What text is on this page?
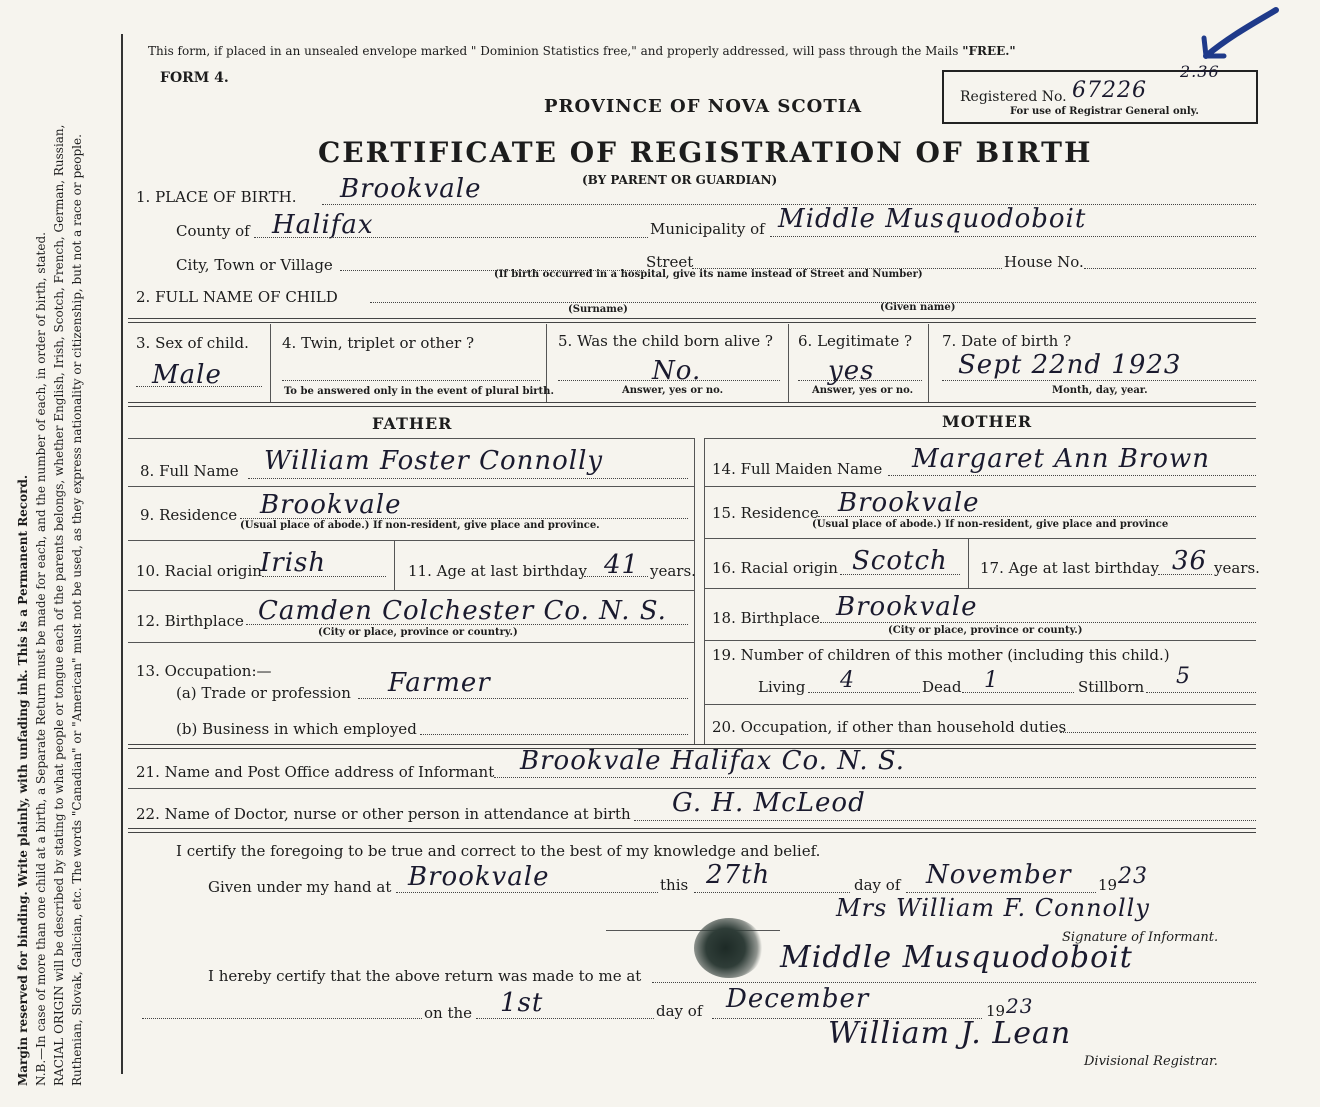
Margin reserved for binding. Write plainly, with unfading ink. This is a Permanent Record. N.B.—In case of more than one child at a birth, a Separate Return must be made for each, and the number of each, in order of birth, stated. RACIAL ORIGIN will be described by stating to what people or tongue each of the parents belongs, whether English, Irish, Scotch, French, German, Russian, Ruthenian, Slovak, Galician, etc. The words "Canadian" or "American" must not be used, as they express nationality or citizenship, but not a race or people.
This form, if placed in an unsealed envelope marked " Dominion Statistics free," and properly addressed, will pass through the Mails "FREE."
FORM 4.
PROVINCE OF NOVA SCOTIA
CERTIFICATE OF REGISTRATION OF BIRTH
(BY PARENT OR GUARDIAN)
Registered No. 67226
2.36
For use of Registrar General only.
1. PLACE OF BIRTH. Brookvale
County of Halifax	Municipality of Middle Musquodoboit
City, Town or Village	Street	House No.
(If birth occurred in a hospital, give its name instead of Street and Number)
2. FULL NAME OF CHILD
(Surname)	(Given name)
3. Sex of child.
Male
4. Twin, triplet or other ?
To be answered only in the event of plural birth.
5. Was the child born alive ?
No.
Answer, yes or no.
6. Legitimate ?
yes
Answer, yes or no.
7. Date of birth ?
Sept 22nd 1923
Month, day, year.
FATHER	MOTHER
8. Full Name William Foster Connolly
9. Residence Brookvale
(Usual place of abode.) If non-resident, give place and province.
10. Racial origin
Irish	11. Age at last birthday 41 years.
12. Birthplace Camden Colchester Co. N. S.
(City or place, province or country.)
13. Occupation:—
(a) Trade or profession Farmer
(b) Business in which employed
14. Full Maiden Name Margaret Ann Brown
15. Residence Brookvale
(Usual place of abode.) If non-resident, give place and province
16. Racial origin Scotch 17. Age at last birthday 36 years.
18. Birthplace Brookvale
(City or place, province or county.)
19. Number of children of this mother (including this child.)
Living 4	Dead 1	Stillborn 5
20. Occupation, if other than household duties
21. Name and Post Office address of Informant Brookvale Halifax Co. N. S.
22. Name of Doctor, nurse or other person in attendance at birth G. H. McLeod
I certify the foregoing to be true and correct to the best of my knowledge and belief.
Given under my hand at Brookvale	this 27th	day of November 19 23
Mrs William F. Connolly
Signature of Informant.
I hereby certify that the above return was made to me at
Middle Musquodoboit
on the 1st	day of December	19 23
William J. Lean
Divisional Registrar.
